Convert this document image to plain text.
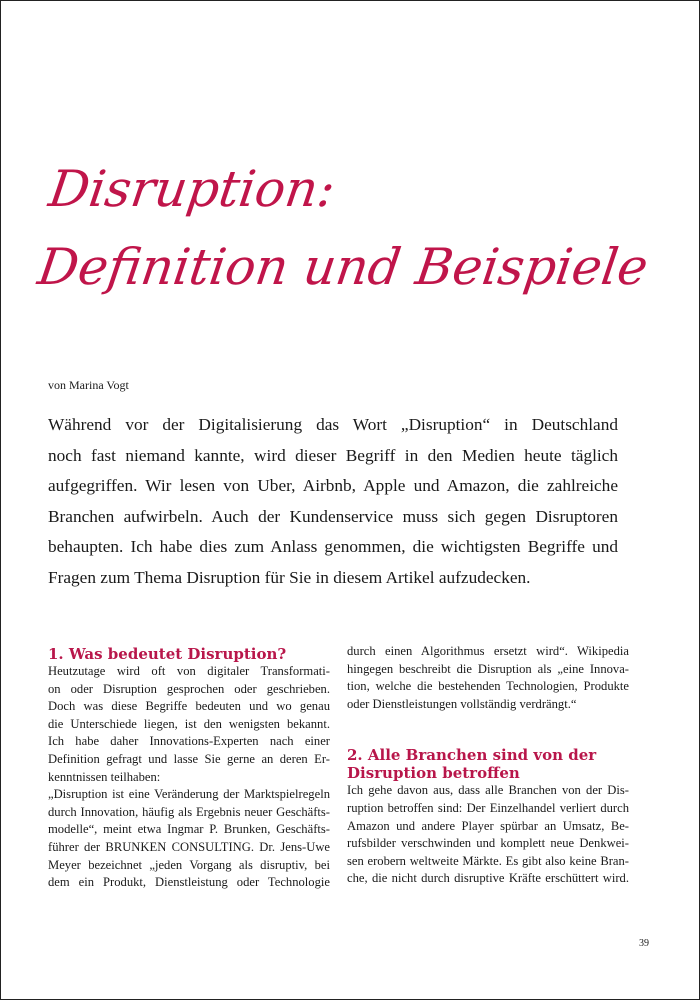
Disruption:
Definition und Beispiele
von Marina Vogt
Während vor der Digitalisierung das Wort „Disruption“ in Deutschland
noch fast niemand kannte, wird dieser Begriff in den Medien heute täglich
aufgegriffen. Wir lesen von Uber, Airbnb, Apple und Amazon, die zahlreiche
Branchen aufwirbeln. Auch der Kundenservice muss sich gegen Disruptoren
behaupten. Ich habe dies zum Anlass genommen, die wichtigsten Begriffe und
Fragen zum Thema Disruption für Sie in diesem Artikel aufzudecken.
1. Was bedeutet Disruption?
Heutzutage wird oft von digitaler Transformati-
on oder Disruption gesprochen oder geschrieben.
Doch was diese Begriffe bedeuten und wo genau
die Unterschiede liegen, ist den wenigsten bekannt.
Ich habe daher Innovations-Experten nach einer
Definition gefragt und lasse Sie gerne an deren Er-
kenntnissen teilhaben:
„Disruption ist eine Veränderung der Marktspielregeln
durch Innovation, häufig als Ergebnis neuer Geschäfts-
modelle“, meint etwa Ingmar P. Brunken, Geschäfts-
führer der BRUNKEN CONSULTING. Dr. Jens-Uwe
Meyer bezeichnet „jeden Vorgang als disruptiv, bei
dem ein Produkt, Dienstleistung oder Technologie
durch einen Algorithmus ersetzt wird“. Wikipedia
hingegen beschreibt die Disruption als „eine Innova-
tion, welche die bestehenden Technologien, Produkte
oder Dienstleistungen vollständig verdrängt.“
2. Alle Branchen sind von der
Disruption betroffen
Ich gehe davon aus, dass alle Branchen von der Dis-
ruption betroffen sind: Der Einzelhandel verliert durch
Amazon und andere Player spürbar an Umsatz, Be-
rufsbilder verschwinden und komplett neue Denkwei-
sen erobern weltweite Märkte. Es gibt also keine Bran-
che, die nicht durch disruptive Kräfte erschüttert wird.
39
